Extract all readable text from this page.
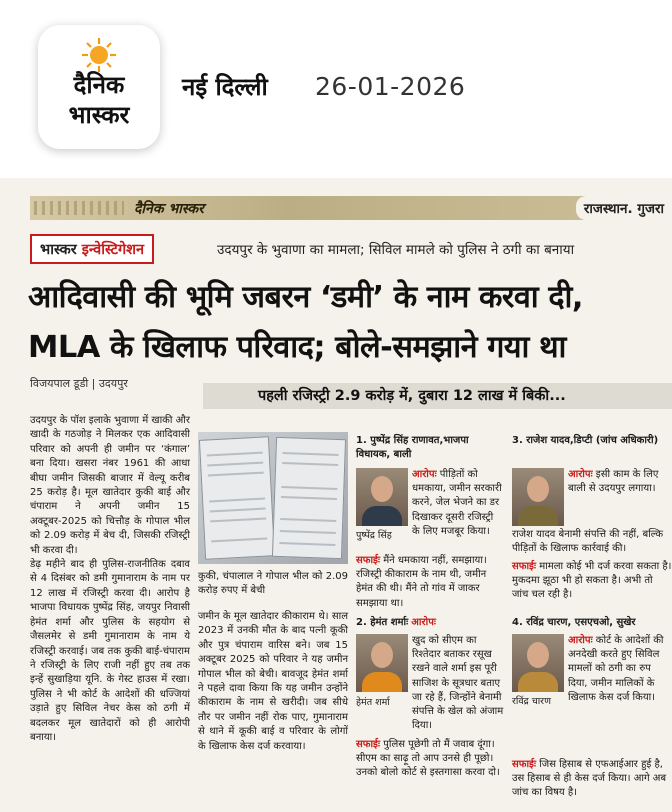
दैनिक
भास्कर
नई दिल्ली 26-01-2026
दैनिक भास्कर	राजस्थान. गुजरा
भास्कर इन्वेस्टिगेशन	उदयपुर के भुवाणा का मामला; सिविल मामले को पुलिस ने ठगी का बनाया
आदिवासी की भूमि जबरन ‘डमी’ के नाम करवा दी,
MLA के खिलाफ परिवाद; बोले-समझाने गया था
विजयपाल डूडी | उदयपुर
पहली रजिस्ट्री 2.9 करोड़ में, दुबारा 12 लाख में बिकी...

उदयपुर के पॉश इलाके भुवाणा में खाकी और खादी के गठजोड़ ने मिलकर एक आदिवासी परिवार को अपनी ही जमीन पर ‘कंगाल’ बना दिया। खसरा नंबर 1961 की आधा बीघा जमीन जिसकी बाजार में वेल्यू करीब 25 करोड़ है। मूल खातेदार कुकी बाई और चंपाराम ने अपनी जमीन 15 अक्टूबर-2025 को चित्तौड़ के गोपाल भील को 2.09 करोड़ में बेच दी, जिसकी रजिस्ट्री भी करवा दी।

डेढ़ महीने बाद ही पुलिस-राजनीतिक दबाव से 4 दिसंबर को डमी गुमानाराम के नाम पर 12 लाख में रजिस्ट्री करवा दी। आरोप है भाजपा विधायक पुष्पेंद्र सिंह, जयपुर निवासी हेमंत शर्मा और पुलिस के सहयोग से जैसलमेर से डमी गुमानाराम के नाम ये रजिस्ट्री करवाई। जब तक कुकी बाई-चंपाराम ने रजिस्ट्री के लिए राजी नहीं हुए तब तक इन्हें सुखाड़िया यूनि. के गेस्ट हाउस में रखा। पुलिस ने भी कोर्ट के आदेशों की धज्जियां उड़ाते हुए सिविल नेचर केस को ठगी में बदलकर मूल खातेदारों को ही आरोपी बनाया।

कुकी, चंपालाल ने गोपाल भील को 2.09 करोड़ रुपए में बेची
जमीन के मूल खातेदार कीकाराम थे। साल 2023 में उनकी मौत के बाद पत्नी कूकी और पुत्र चंपाराम वारिस बने। जब 15 अक्टूबर 2025 को परिवार ने यह जमीन गोपाल भील को बेची। बावजूद हेमंत शर्मा ने पहले दावा किया कि यह जमीन उन्होंने कीकाराम के नाम से खरीदी। जब सीधे तौर पर जमीन नहीं रोक पाए, गुमानाराम से थाने में कूकी बाई व परिवार के लोगों के खिलाफ केस दर्ज करवाया।
1. पुष्पेंद्र सिंह राणावत,भाजपा विधायक, बाली
पुष्पेंद्र सिंह
आरोपः पीड़ितों को धमकाया, जमीन सरकारी करने, जेल भेजने का डर दिखाकर दूसरी रजिस्ट्री के लिए मजबूर किया।
सफाईः मैंने धमकाया नहीं, समझाया। रजिस्ट्री कीकाराम के नाम थी, जमीन हेमंत की थी। मैंने तो गांव में जाकर समझाया था।
3. राजेश यादव,डिप्टी (जांच अधिकारी)
आरोपः इसी काम के लिए बाली से उदयपुर लगाया।
राजेश यादव बेनामी संपत्ति की नहीं, बल्कि पीड़ितों के खिलाफ कार्रवाई की।
सफाईः मामला कोई भी दर्ज करवा सकता है। मुकदमा झूठा भी हो सकता है। अभी तो जांच चल रही है।
2. हेमंत शर्माः आरोपः
हेमंत शर्मा
खुद को सीएम का रिश्तेदार बताकर रसूख रखने वाले शर्मा इस पूरी साजिश के सूत्रधार बताए जा रहे हैं, जिन्होंने बेनामी संपत्ति के खेल को अंजाम दिया।
सफाईः पुलिस पूछेगी तो मैं जवाब दूंगा। सीएम का साढ़ू तो आप उनसे ही पूछो। उनको बोलो कोर्ट से इस्तगासा करवा दो।
4. रविंद्र चारण, एसएचओ, सुखेर
रविंद्र चारण
आरोपः कोर्ट के आदेशों की अनदेखी करते हुए सिविल मामलों को ठगी का रुप दिया, जमीन मालिकों के खिलाफ केस दर्ज किया।
सफाईः जिस हिसाब से एफआईआर हुई है, उस हिसाब से ही केस दर्ज किया। आगे अब जांच का विषय है।
